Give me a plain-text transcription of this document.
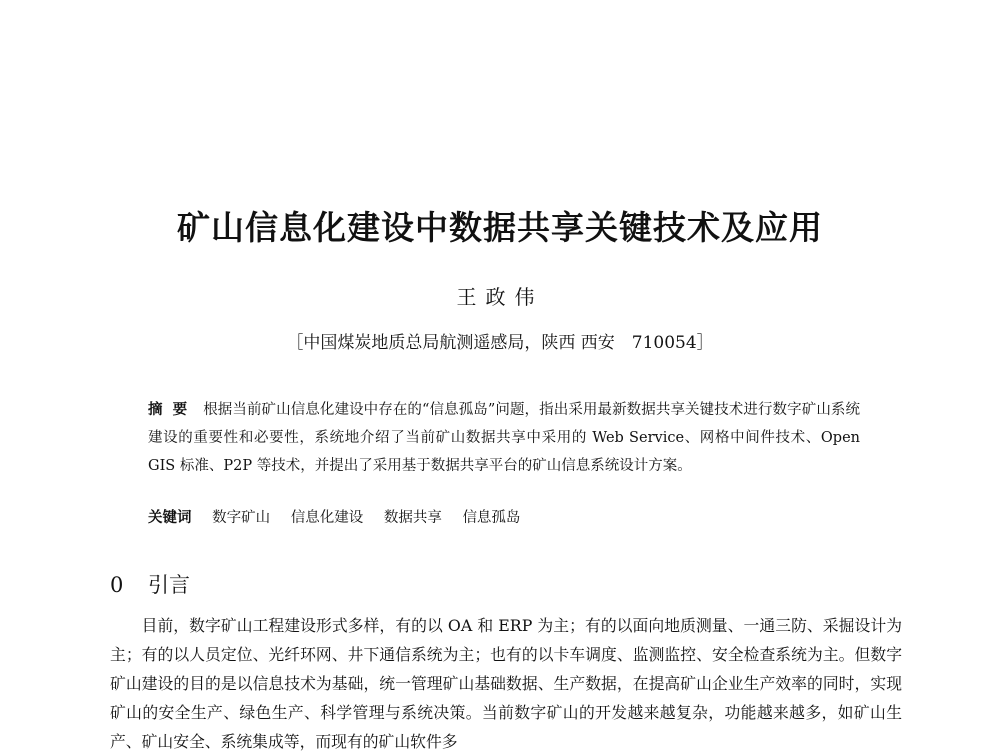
矿山信息化建设中数据共享关键技术及应用
王政伟
［中国煤炭地质总局航测遥感局，陕西 西安　710054］
摘要 根据当前矿山信息化建设中存在的“信息孤岛”问题，指出采用最新数据共享关键技术进行数字矿山系统建设的重要性和必要性，系统地介绍了当前矿山数据共享中采用的 Web Service、网格中间件技术、Open GIS 标准、P2P 等技术，并提出了采用基于数据共享平台的矿山信息系统设计方案。
关键词 数字矿山 信息化建设 数据共享 信息孤岛
0 引言

目前，数字矿山工程建设形式多样，有的以 OA 和 ERP 为主；有的以面向地质测量、一通三防、采掘设计为主；有的以人员定位、光纤环网、井下通信系统为主；也有的以卡车调度、监测监控、安全检查系统为主。但数字矿山建设的目的是以信息技术为基础，统一管理矿山基础数据、生产数据，在提高矿山企业生产效率的同时，实现矿山的安全生产、绿色生产、科学管理与系统决策。当前数字矿山的开发越来越复杂，功能越来越多，如矿山生产、矿山安全、系统集成等，而现有的矿山软件多
